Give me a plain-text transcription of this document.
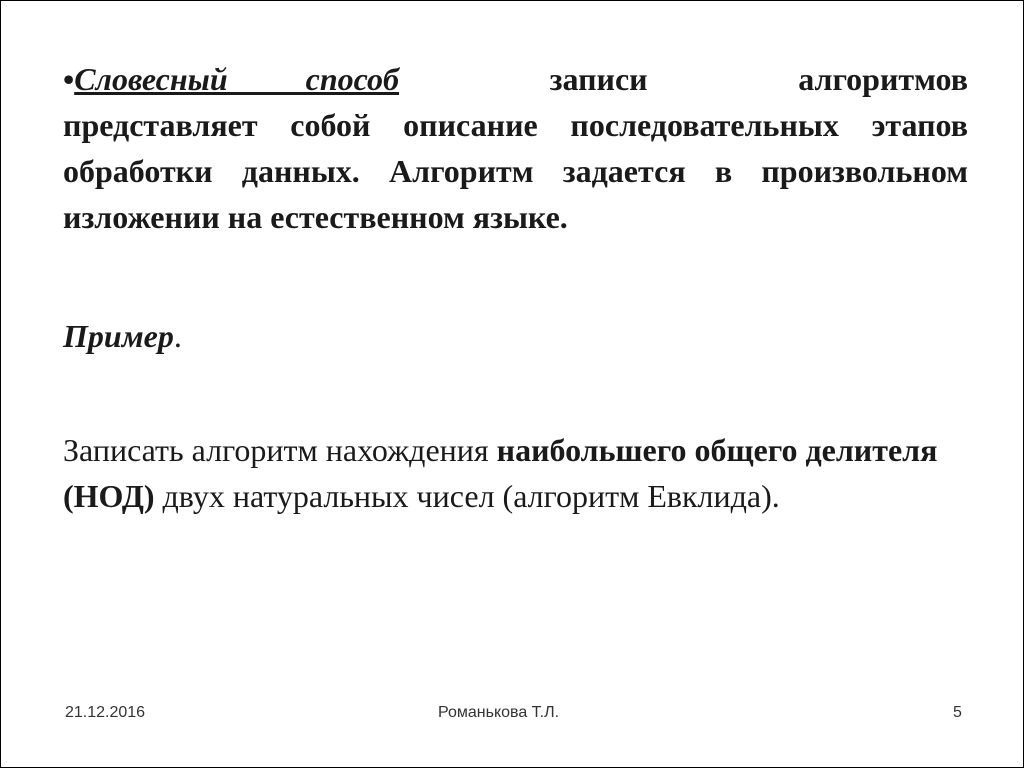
•Словесный способ	записи	алгоритмов
представляет собой описание последовательных этапов обработки данных. Алгоритм задается в произвольном изложении на естественном языке.

Пример.

Записать алгоритм нахождения наибольшего общего делителя (НОД) двух натуральных чисел (алгоритм Евклида).

21.12.2016	Романькова Т.Л.	5
